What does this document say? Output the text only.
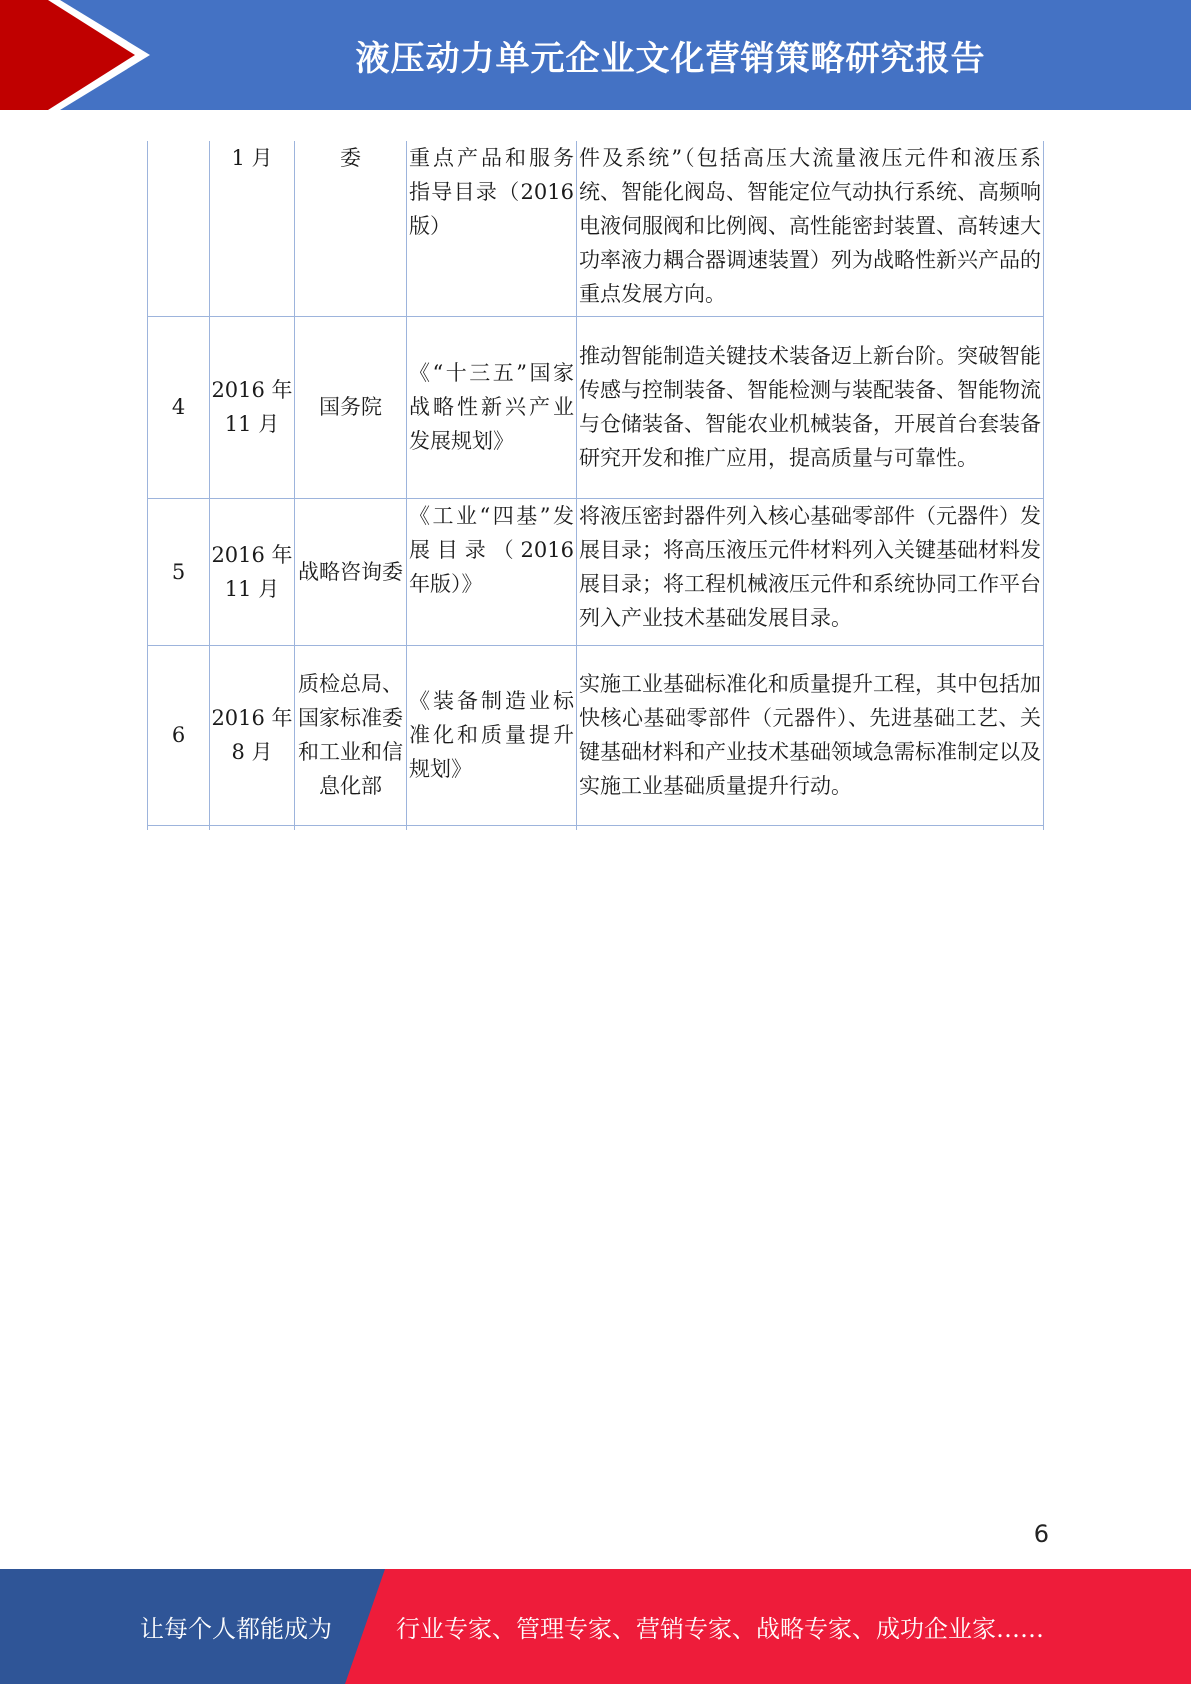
液压动力单元企业文化营销策略研究报告
	1 月	委	重点产品和服务指导目录（2016 版）	件及系统”（包括高压大流量液压元件和液压系统、智能化阀岛、智能定位气动执行系统、高频响电液伺服阀和比例阀、高性能密封装置、高转速大功率液力耦合器调速装置）列为战略性新兴产品的重点发展方向。
4	2016 年 11 月	国务院	《“十三五”国家战略性新兴产业发展规划》	推动智能制造关键技术装备迈上新台阶。突破智能传感与控制装备、智能检测与装配装备、智能物流与仓储装备、智能农业机械装备，开展首台套装备研究开发和推广应用，提高质量与可靠性。
5	2016 年 11 月	战略咨询委	《工业“四基”发展目录（2016 年版）》	将液压密封器件列入核心基础零部件（元器件）发展目录；将高压液压元件材料列入关键基础材料发展目录；将工程机械液压元件和系统协同工作平台列入产业技术基础发展目录。
6	2016 年 8 月	质检总局、国家标准委和工业和信息化部	《装备制造业标准化和质量提升规划》	实施工业基础标准化和质量提升工程，其中包括加快核心基础零部件（元器件）、先进基础工艺、关键基础材料和产业技术基础领域急需标准制定以及实施工业基础质量提升行动。

6
让每个人都能成为	行业专家、管理专家、营销专家、战略专家、成功企业家……
